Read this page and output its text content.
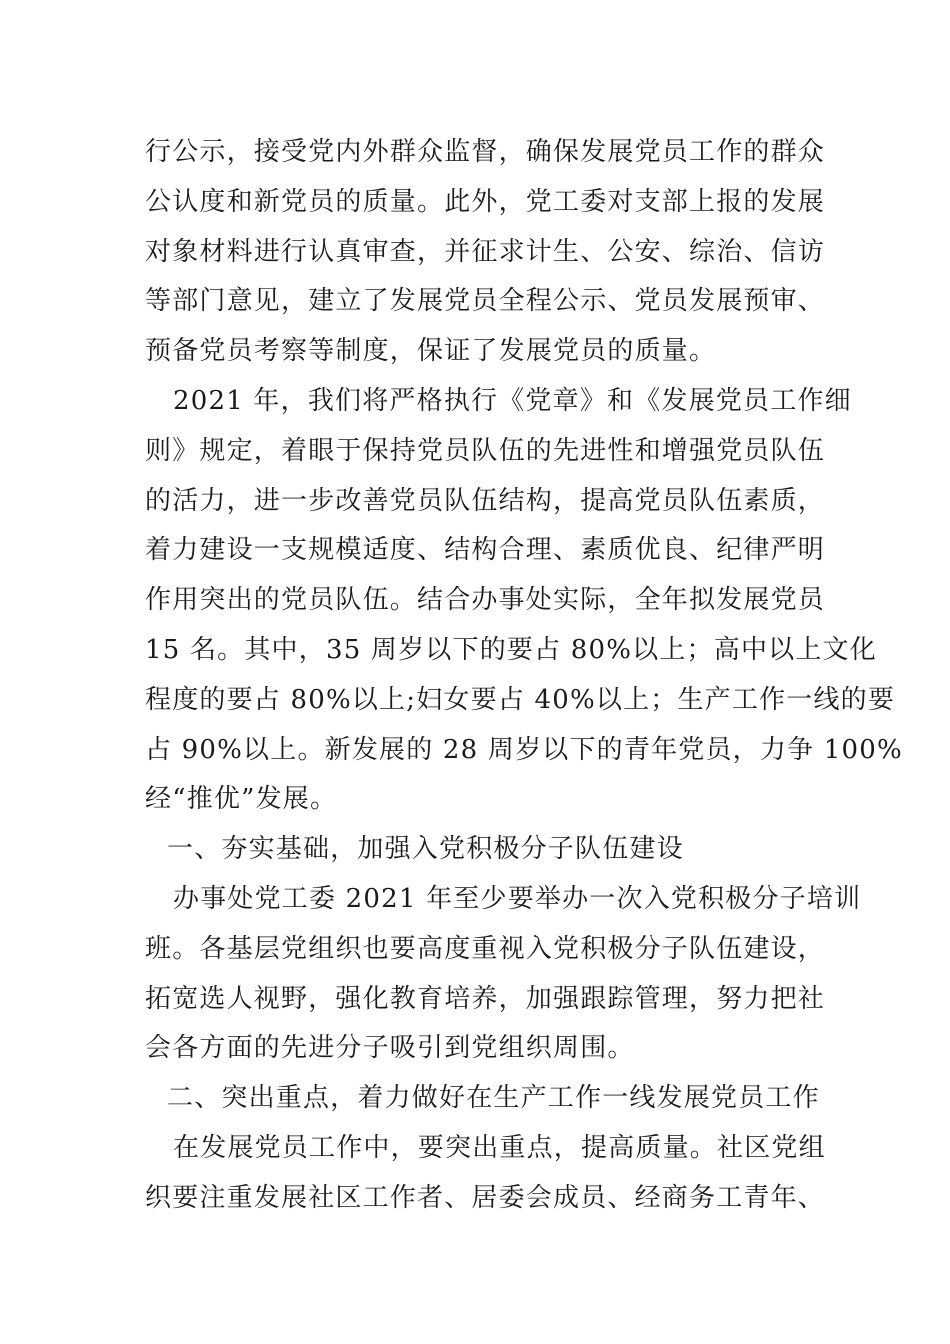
行公示，接受党内外群众监督，确保发展党员工作的群众
公认度和新党员的质量。此外，党工委对支部上报的发展
对象材料进行认真审查，并征求计生、公安、综治、信访
等部门意见，建立了发展党员全程公示、党员发展预审、
预备党员考察等制度，保证了发展党员的质量。
2021 年，我们将严格执行《党章》和《发展党员工作细
则》规定，着眼于保持党员队伍的先进性和增强党员队伍
的活力，进一步改善党员队伍结构，提高党员队伍素质，
着力建设一支规模适度、结构合理、素质优良、纪律严明
作用突出的党员队伍。结合办事处实际，全年拟发展党员
15 名。其中，35 周岁以下的要占 80%以上；高中以上文化
程度的要占 80%以上;妇女要占 40%以上；生产工作一线的要
占 90%以上。新发展的 28 周岁以下的青年党员，力争 100%
经“推优”发展。
一、夯实基础，加强入党积极分子队伍建设
办事处党工委 2021 年至少要举办一次入党积极分子培训
班。各基层党组织也要高度重视入党积极分子队伍建设，
拓宽选人视野，强化教育培养，加强跟踪管理，努力把社
会各方面的先进分子吸引到党组织周围。
二、突出重点，着力做好在生产工作一线发展党员工作
在发展党员工作中，要突出重点，提高质量。社区党组
织要注重发展社区工作者、居委会成员、经商务工青年、
